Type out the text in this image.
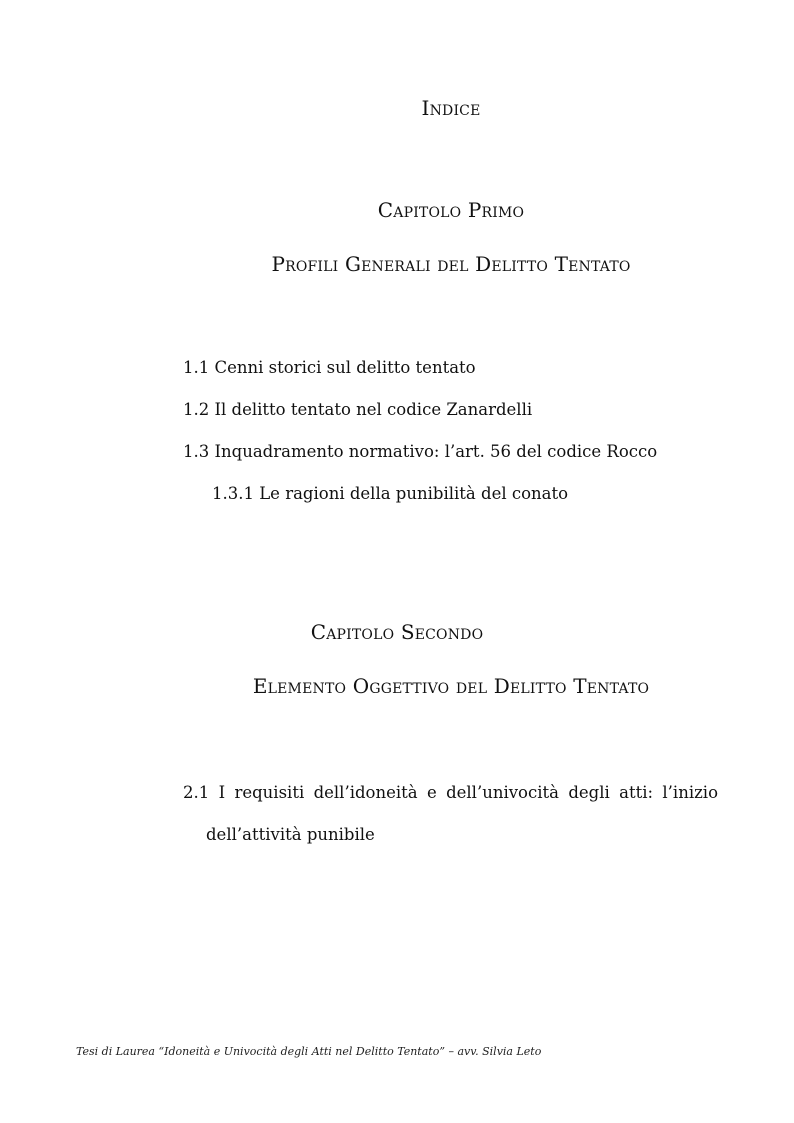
Indice
Capitolo Primo
Profili Generali del Delitto Tentato
1.1 Cenni storici sul delitto tentato
1.2 Il delitto tentato nel codice Zanardelli
1.3 Inquadramento normativo: l’art. 56 del codice Rocco
1.3.1 Le ragioni della punibilità del conato
Capitolo Secondo
Elemento Oggettivo del Delitto Tentato
2.1 I requisiti dell’idoneità e dell’univocità degli atti: l’inizio
dell’attività punibile
Tesi di Laurea “Idoneità e Univocità degli Atti nel Delitto Tentato” – avv. Silvia Leto
